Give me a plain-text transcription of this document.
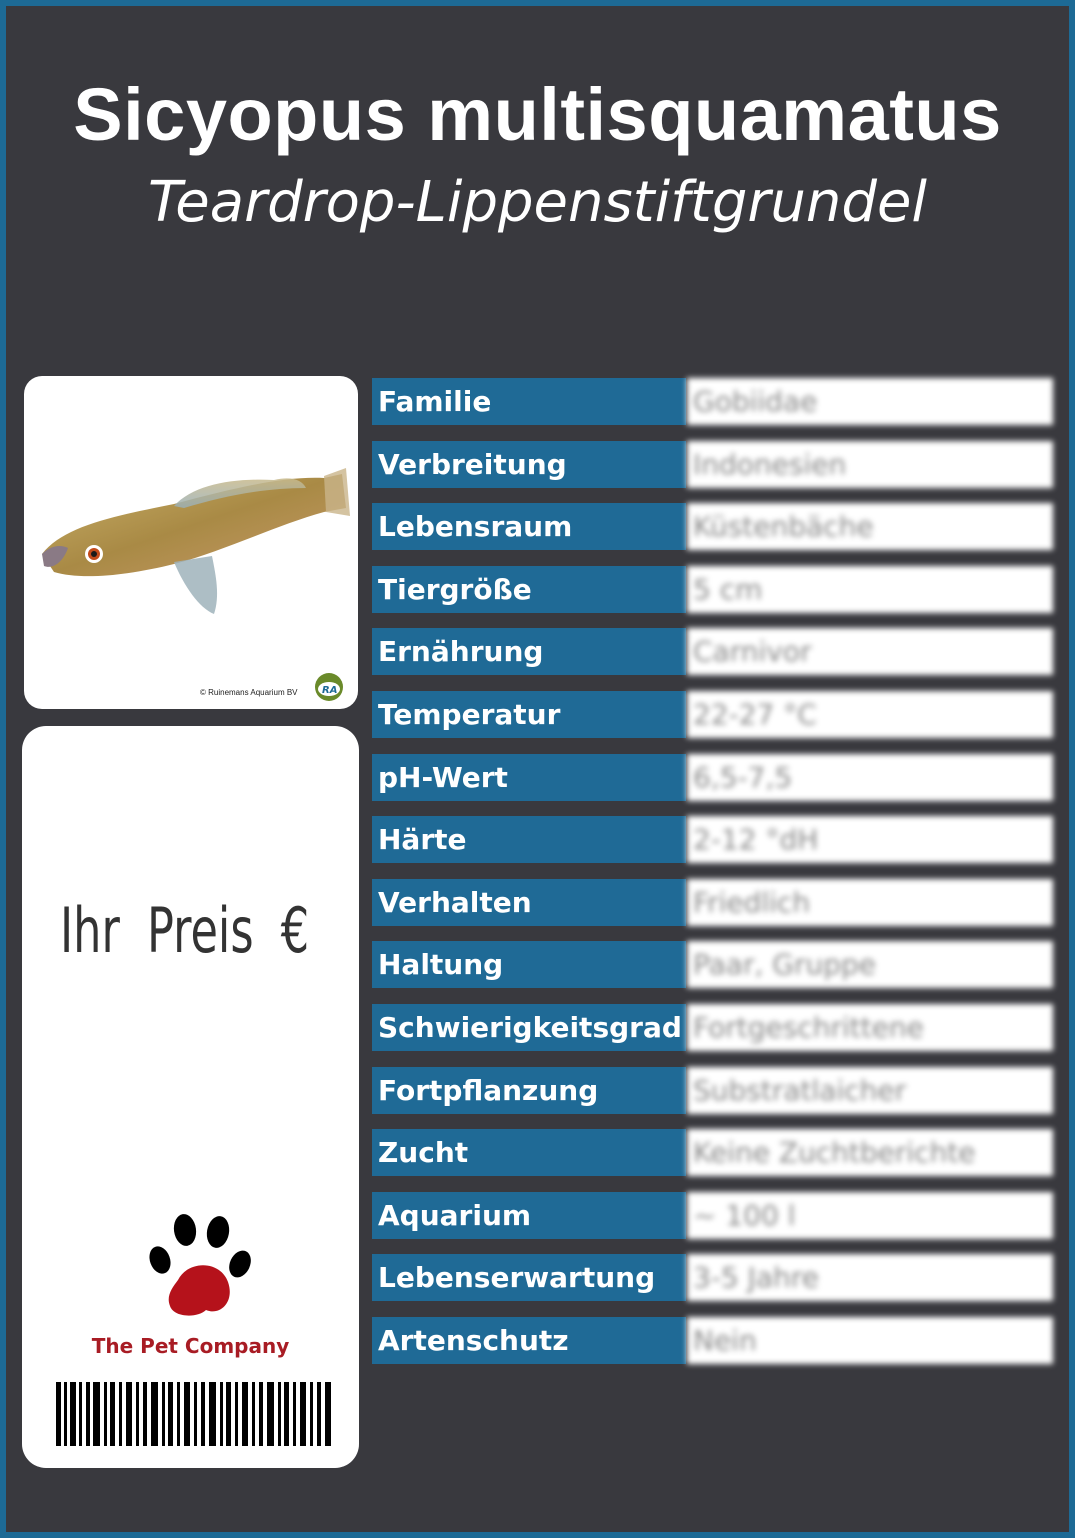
Sicyopus multisquamatus
Teardrop-Lippenstiftgrundel
© Ruinemans Aquarium BV RA
Ihr Preis €
The Pet Company
Familie	Gobiidae
Verbreitung	Indonesien
Lebensraum	Küstenbäche
Tiergröße	5 cm
Ernährung	Carnivor
Temperatur	22-27 °C
pH-Wert	6,5-7,5
Härte	2-12 °dH
Verhalten	Friedlich
Haltung	Paar, Gruppe
Schwierigkeitsgrad Fortgeschrittene
Fortpflanzung	Substratlaicher
Zucht	Keine Zuchtberichte
Aquarium	~ 100 l
Lebenserwartung	3-5 Jahre
Artenschutz	Nein
